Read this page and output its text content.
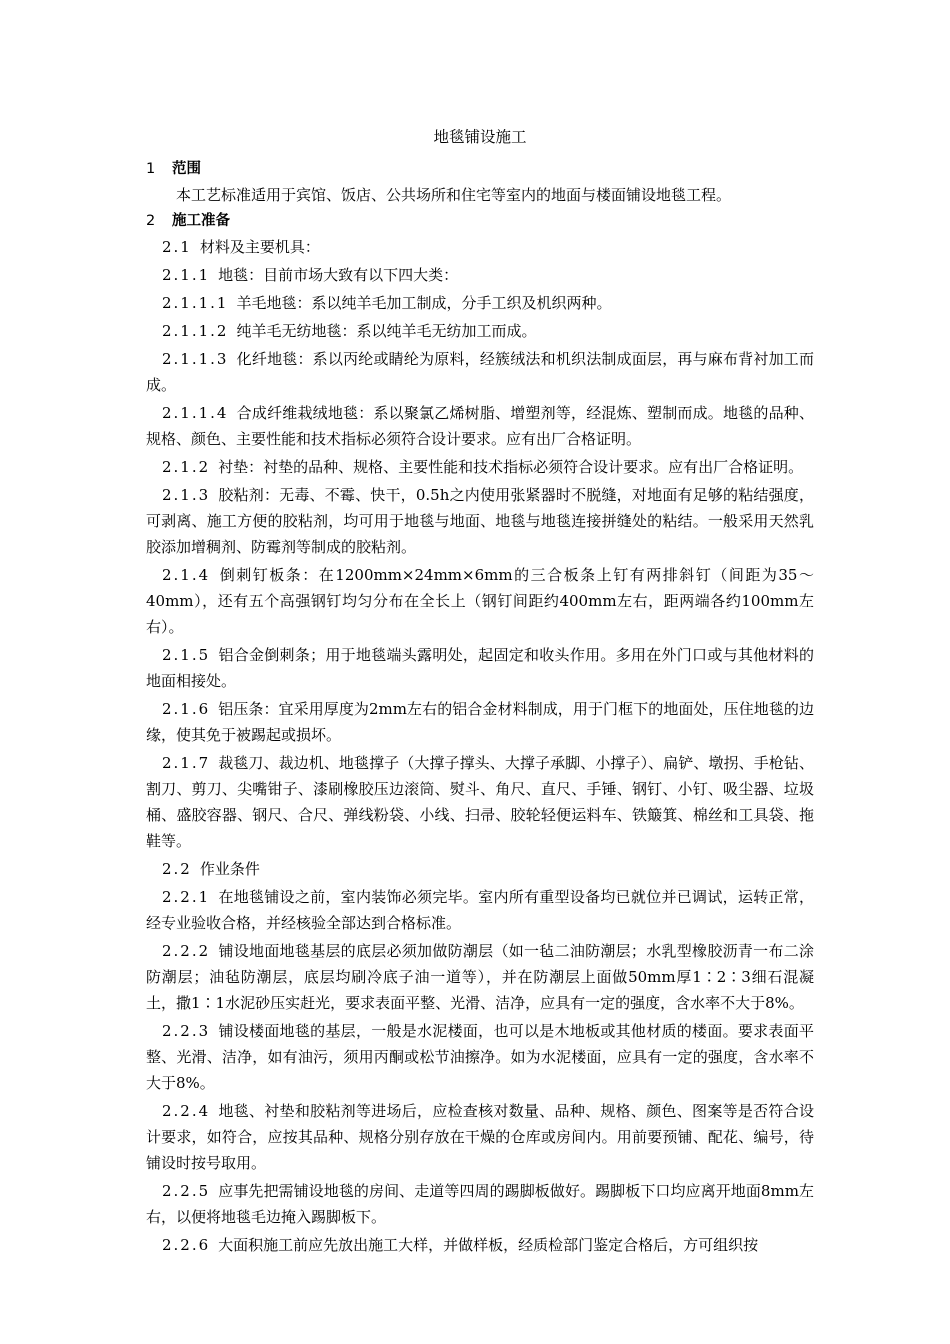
地毯铺设施工
1 范围
本工艺标准适用于宾馆、饭店、公共场所和住宅等室内的地面与楼面铺设地毯工程。
2 施工准备
2.1 材料及主要机具：
2.1.1 地毯：目前市场大致有以下四大类：
2.1.1.1 羊毛地毯：系以纯羊毛加工制成，分手工织及机织两种。
2.1.1.2 纯羊毛无纺地毯：系以纯羊毛无纺加工而成。
2.1.1.3 化纤地毯：系以丙纶或睛纶为原料，经簇绒法和机织法制成面层，再与麻布背衬加工而成。
2.1.1.4 合成纤维栽绒地毯：系以聚氯乙烯树脂、增塑剂等，经混炼、塑制而成。地毯的品种、规格、颜色、主要性能和技术指标必须符合设计要求。应有出厂合格证明。
2.1.2 衬垫：衬垫的品种、规格、主要性能和技术指标必须符合设计要求。应有出厂合格证明。
2.1.3 胶粘剂：无毒、不霉、快干，0.5h之内使用张紧器时不脱缝，对地面有足够的粘结强度，可剥离、施工方便的胶粘剂，均可用于地毯与地面、地毯与地毯连接拼缝处的粘结。一般采用天然乳胶添加增稠剂、防霉剂等制成的胶粘剂。
2.1.4 倒刺钉板条：在1200mm×24mm×6mm的三合板条上钉有两排斜钉（间距为35～40mm），还有五个高强钢钉均匀分布在全长上（钢钉间距约400mm左右，距两端各约100mm左右）。
2.1.5 铝合金倒刺条；用于地毯端头露明处，起固定和收头作用。多用在外门口或与其他材料的地面相接处。
2.1.6 铝压条：宜采用厚度为2mm左右的铝合金材料制成，用于门框下的地面处，压住地毯的边缘，使其免于被踢起或损坏。
2.1.7 裁毯刀、裁边机、地毯撑子（大撑子撑头、大撑子承脚、小撑子）、扁铲、墩拐、手枪钻、割刀、剪刀、尖嘴钳子、漆刷橡胶压边滚筒、熨斗、角尺、直尺、手锤、钢钉、小钉、吸尘器、垃圾桶、盛胶容器、钢尺、合尺、弹线粉袋、小线、扫帚、胶轮轻便运料车、铁簸箕、棉丝和工具袋、拖鞋等。
2.2 作业条件
2.2.1 在地毯铺设之前，室内装饰必须完毕。室内所有重型设备均已就位并已调试，运转正常，经专业验收合格，并经核验全部达到合格标准。
2.2.2 铺设地面地毯基层的底层必须加做防潮层（如一毡二油防潮层；水乳型橡胶沥青一布二涂防潮层；油毡防潮层，底层均刷冷底子油一道等），并在防潮层上面做50mm厚1∶2∶3细石混凝土，撒1∶1水泥砂压实赶光，要求表面平整、光滑、洁净，应具有一定的强度，含水率不大于8%。
2.2.3 铺设楼面地毯的基层，一般是水泥楼面，也可以是木地板或其他材质的楼面。要求表面平整、光滑、洁净，如有油污，须用丙酮或松节油擦净。如为水泥楼面，应具有一定的强度，含水率不大于8%。
2.2.4 地毯、衬垫和胶粘剂等进场后，应检查核对数量、品种、规格、颜色、图案等是否符合设计要求，如符合，应按其品种、规格分别存放在干燥的仓库或房间内。用前要预铺、配花、编号，待铺设时按号取用。
2.2.5 应事先把需铺设地毯的房间、走道等四周的踢脚板做好。踢脚板下口均应离开地面8mm左右，以便将地毯毛边掩入踢脚板下。
2.2.6 大面积施工前应先放出施工大样，并做样板，经质检部门鉴定合格后，方可组织按
